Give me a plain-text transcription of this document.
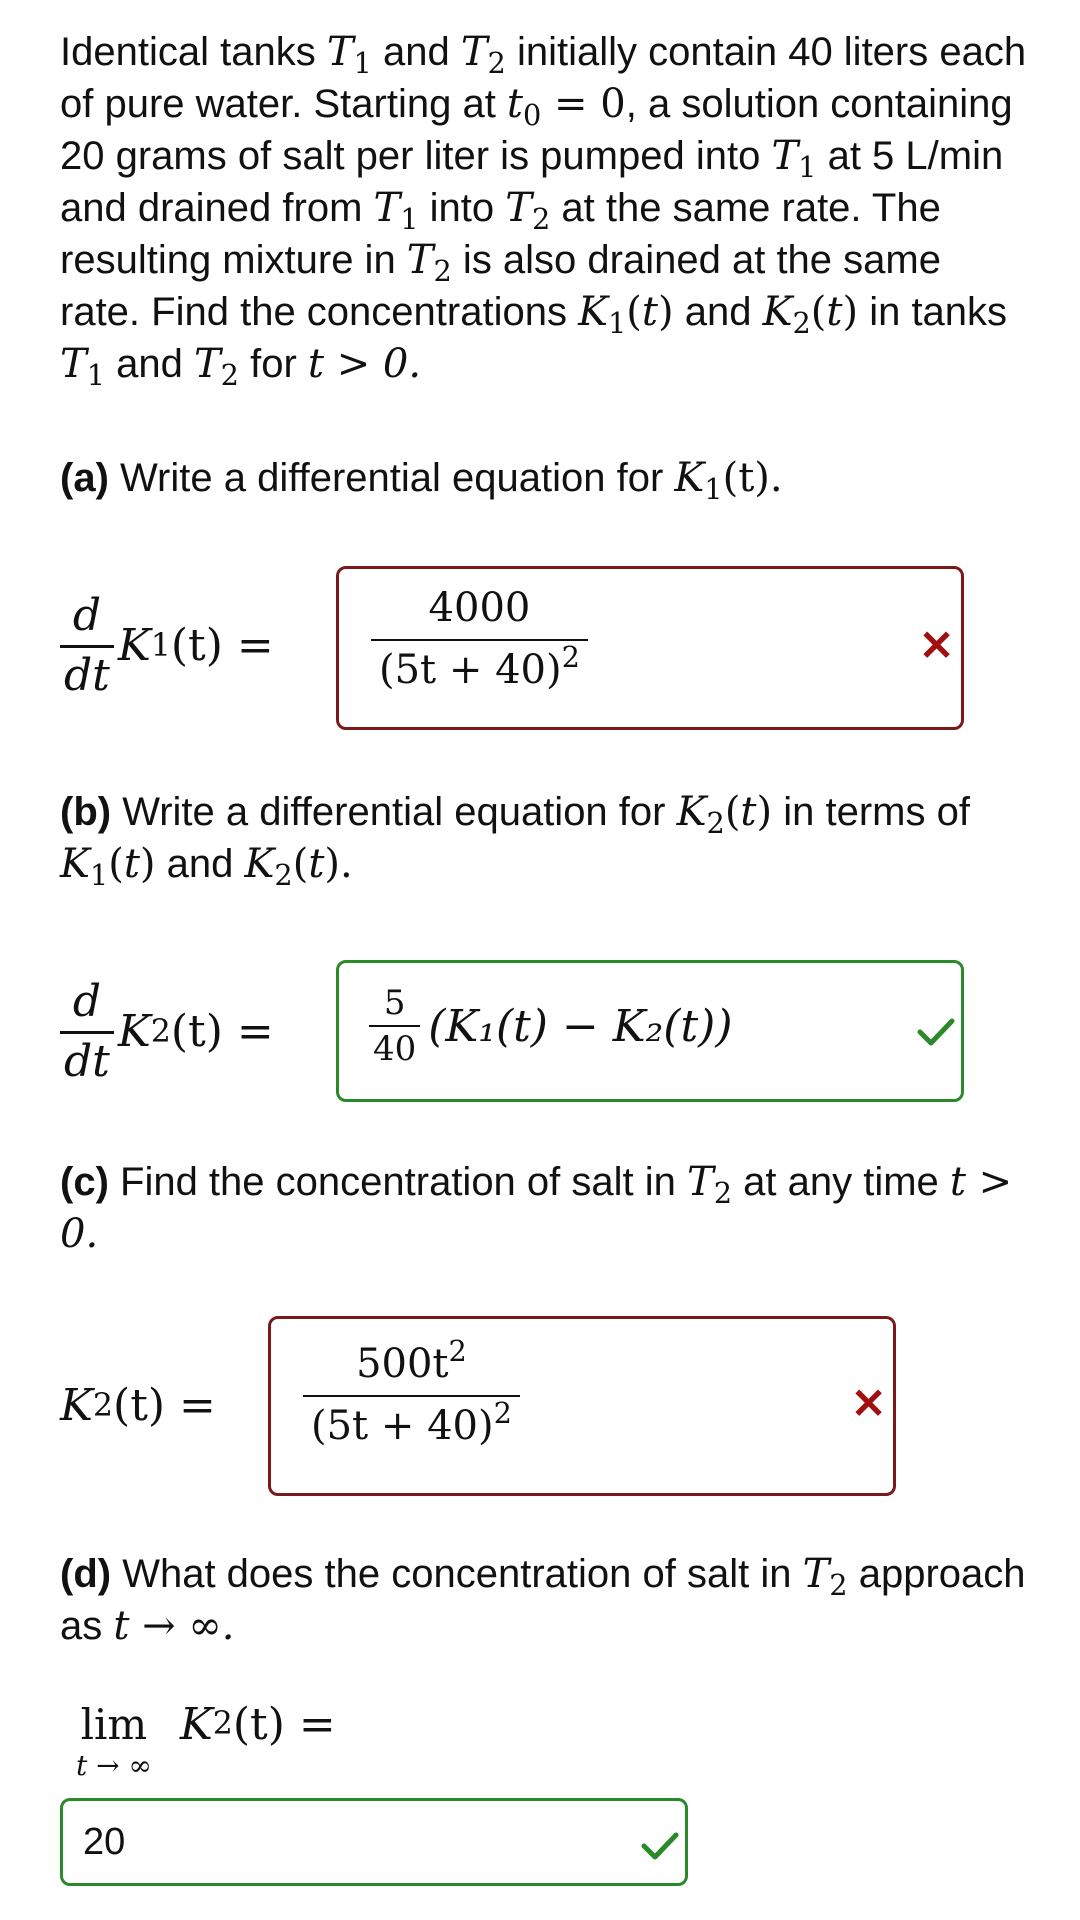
Identical tanks $T_1$ and $T_2$ initially contain 40 liters each of pure water. Starting at $t_0 = 0$, a solution containing 20 grams of salt per liter is pumped into $T_1$ at 5 L/min and drained from $T_1$ into $T_2$ at the same rate. The resulting mixture in $T_2$ is also drained at the same rate. Find the concentrations $K_1(t)$ and $K_2(t)$ in tanks $T_1$ and $T_2$ for t > 0.
(a) Write a differential equation for $K_1(t)$.
$\frac{d}{dt}$ K 1 $(t) = \frac{4000}{(5t + 40)^2}$	✕
(b) Write a differential equation for $K_2(t)$ in terms of $K_1(t)$ and $K_2(t)$.
$\frac{d}{dt}$ K 2 (t) =	$\frac{5}{40} (K_1(t) - K_2(t))$
(c) Find the concentration of salt in $T_2$ at any time t > 0.
K 2 $(t) = \frac{500t^2}{(5t + 40)^2}$	✕
(d) What does the concentration of salt in $T_2$ approach as t → ∞.
lim
t → ∞
K 2 (t) =
20
